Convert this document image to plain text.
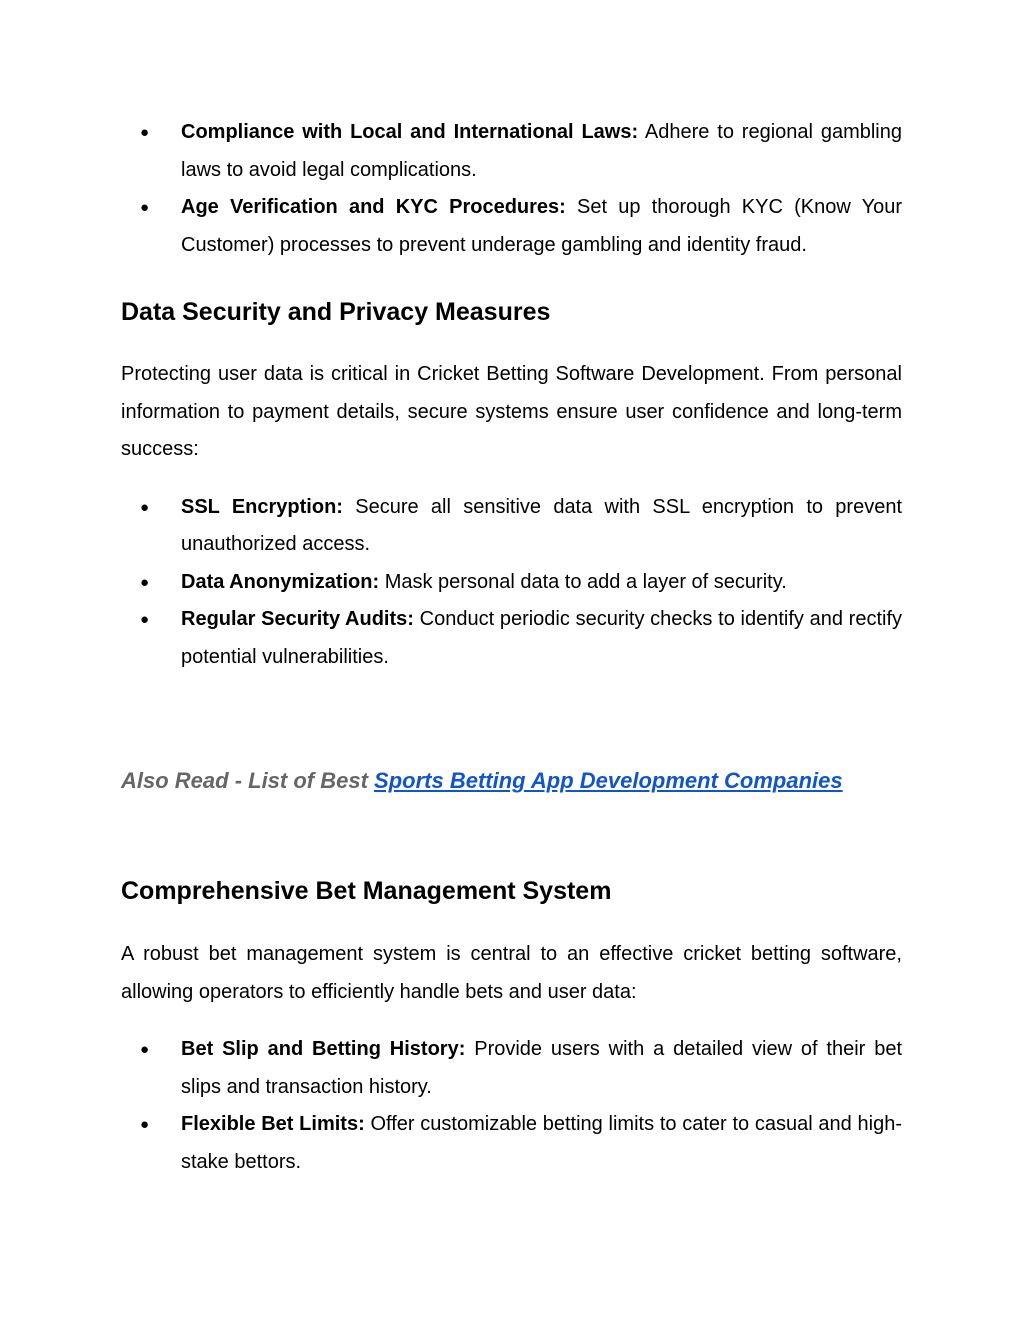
● Compliance with Local and International Laws: Adhere to regional gambling laws to avoid legal complications.
● Age Verification and KYC Procedures: Set up thorough KYC (Know Your Customer) processes to prevent underage gambling and identity fraud.
Data Security and Privacy Measures

Protecting user data is critical in Cricket Betting Software Development. From personal information to payment details, secure systems ensure user confidence and long-term success:

● SSL Encryption: Secure all sensitive data with SSL encryption to prevent unauthorized access.
● Data Anonymization: Mask personal data to add a layer of security.
● Regular Security Audits: Conduct periodic security checks to identify and rectify potential vulnerabilities.
Also Read - List of Best Sports Betting App Development Companies
Comprehensive Bet Management System

A robust bet management system is central to an effective cricket betting software, allowing operators to efficiently handle bets and user data:

● Bet Slip and Betting History: Provide users with a detailed view of their bet slips and transaction history.
● Flexible Bet Limits: Offer customizable betting limits to cater to casual and high-stake bettors.
